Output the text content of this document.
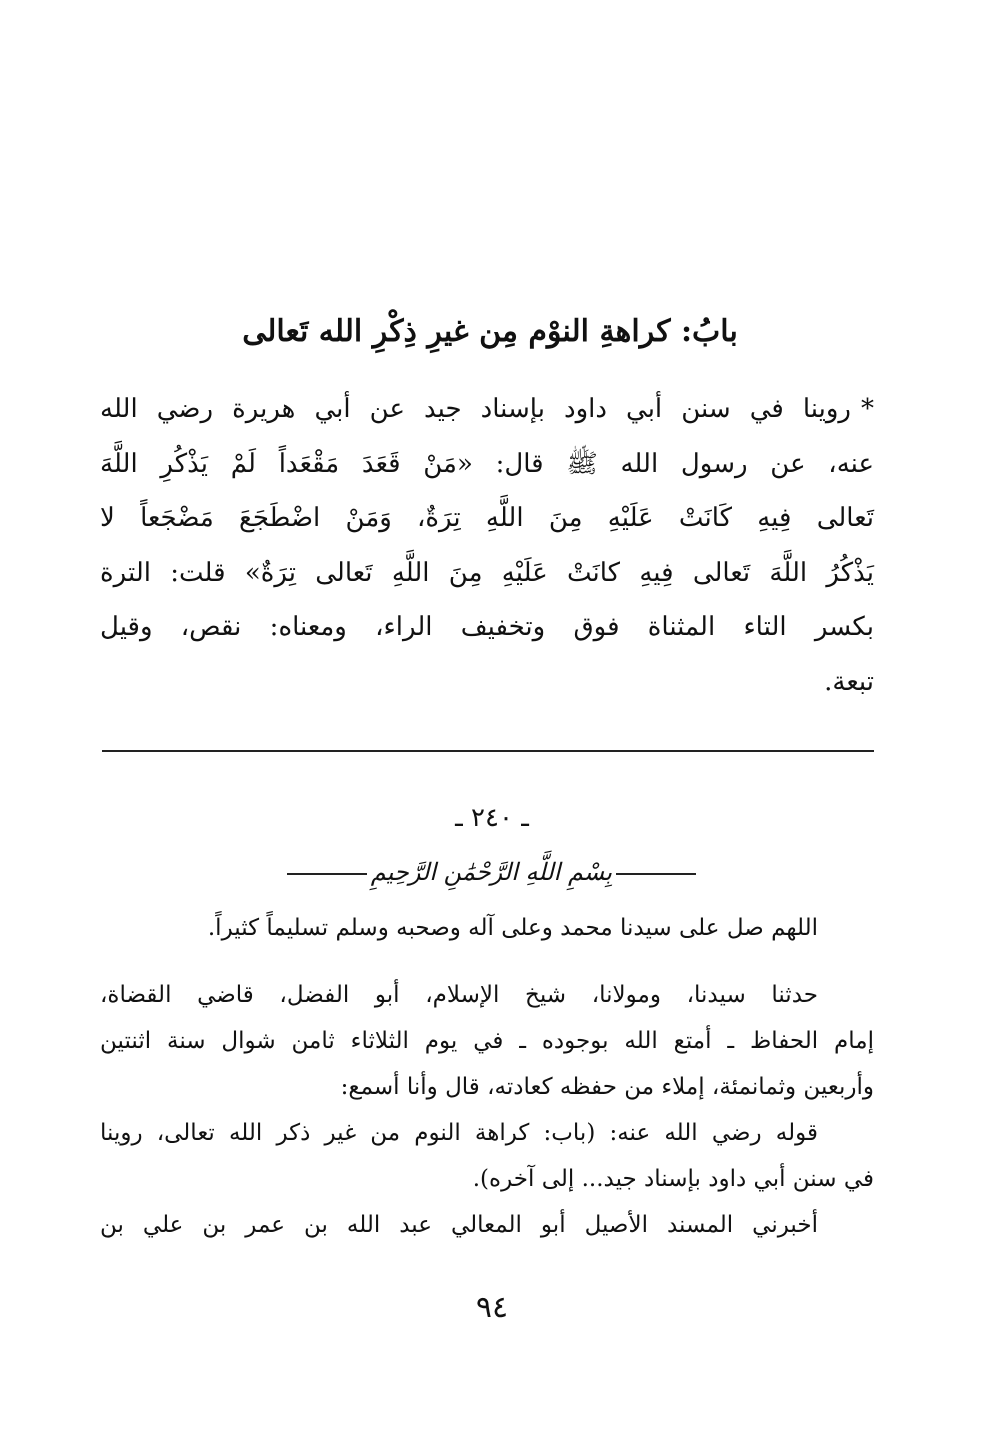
بابُ: كراهةِ النوْم مِن غيرِ ذِكْرِ الله تَعالى
*روينا في سنن أبي داود بإسناد جيد عن أبي هريرة رضي الله
عنه، عن رسول الله ﷺ قال: «مَنْ قَعَدَ مَقْعَداً لَمْ يَذْكُرِ اللَّهَ
تَعالى فِيهِ كَانَتْ عَلَيْهِ مِنَ اللَّهِ تِرَةٌ، وَمَنْ اضْطَجَعَ مَضْجَعاً لا
يَذْكُرُ اللَّهَ تَعالى فِيهِ كانَتْ عَلَيْهِ مِنَ اللَّهِ تَعالى تِرَةٌ» قلت: الترة
بكسر التاء المثناة فوق وتخفيف الراء، ومعناه: نقص، وقيل
تبعة.
ـ ٢٤٠ ـ
بِسْمِ اللَّهِ الرَّحْمَٰنِ الرَّحِيمِ
اللهم صل على سيدنا محمد وعلى آله وصحبه وسلم تسليماً كثيراً.
حدثنا سيدنا، ومولانا، شيخ الإسلام، أبو الفضل، قاضي القضاة،
إمام الحفاظ ـ أمتع الله بوجوده ـ في يوم الثلاثاء ثامن شوال سنة اثنتين
وأربعين وثمانمئة، إملاء من حفظه كعادته، قال وأنا أسمع:
قوله رضي الله عنه: (باب: كراهة النوم من غير ذكر الله تعالى، روينا
في سنن أبي داود بإسناد جيد... إلى آخره).
أخبرني المسند الأصيل أبو المعالي عبد الله بن عمر بن علي بن
٩٤
